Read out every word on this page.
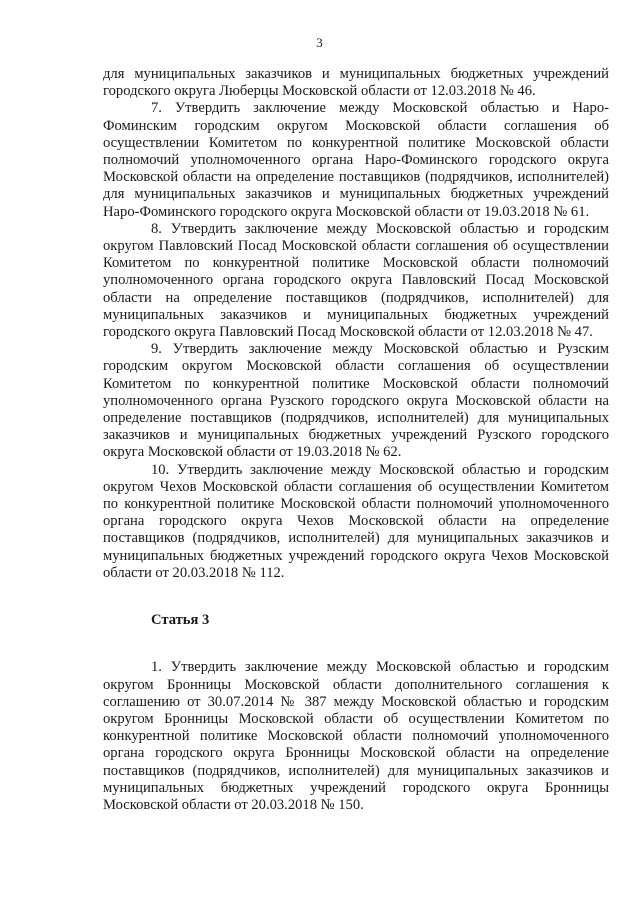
3

для муниципальных заказчиков и муниципальных бюджетных учреждений городского округа Люберцы Московской области от 12.03.2018 № 46.

7. Утвердить заключение между Московской областью и Наро-Фоминским городским округом Московской области соглашения об осуществлении Комитетом по конкурентной политике Московской области полномочий уполномоченного органа Наро-Фоминского городского округа Московской области на определение поставщиков (подрядчиков, исполнителей) для муниципальных заказчиков и муниципальных бюджетных учреждений Наро-Фоминского городского округа Московской области от 19.03.2018 № 61.

8. Утвердить заключение между Московской областью и городским округом Павловский Посад Московской области соглашения об осуществлении Комитетом по конкурентной политике Московской области полномочий уполномоченного органа городского округа Павловский Посад Московской области на определение поставщиков (подрядчиков, исполнителей) для муниципальных заказчиков и муниципальных бюджетных учреждений городского округа Павловский Посад Московской области от 12.03.2018 № 47.

9. Утвердить заключение между Московской областью и Рузским городским округом Московской области соглашения об осуществлении Комитетом по конкурентной политике Московской области полномочий уполномоченного органа Рузского городского округа Московской области на определение поставщиков (подрядчиков, исполнителей) для муниципальных заказчиков и муниципальных бюджетных учреждений Рузского городского округа Московской области от 19.03.2018 № 62.

10. Утвердить заключение между Московской областью и городским округом Чехов Московской области соглашения об осуществлении Комитетом по конкурентной политике Московской области полномочий уполномоченного органа городского округа Чехов Московской области на определение поставщиков (подрядчиков, исполнителей) для муниципальных заказчиков и муниципальных бюджетных учреждений городского округа Чехов Московской области от 20.03.2018 № 112.

Статья 3

1. Утвердить заключение между Московской областью и городским округом Бронницы Московской области дополнительного соглашения к соглашению от 30.07.2014 № 387 между Московской областью и городским округом Бронницы Московской области об осуществлении Комитетом по конкурентной политике Московской области полномочий уполномоченного органа городского округа Бронницы Московской области на определение поставщиков (подрядчиков, исполнителей) для муниципальных заказчиков и муниципальных бюджетных учреждений городского округа Бронницы Московской области от 20.03.2018 № 150.
